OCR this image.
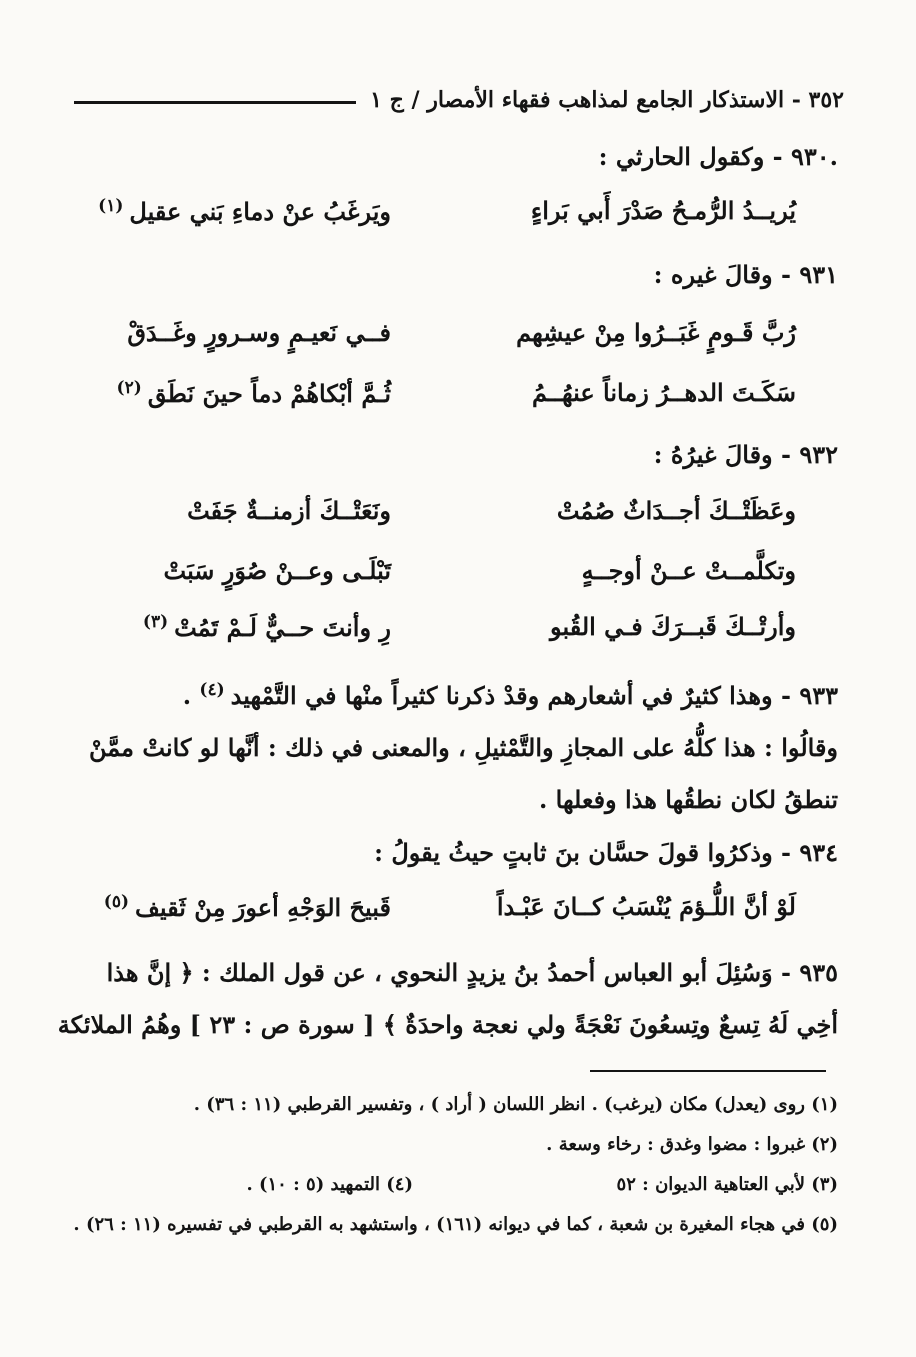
٣٥٢ - الاستذكار الجامع لمذاهب فقهاء الأمصار / ج ١
.٩٣٠ - وكقول الحارثي :
يُريــدُ الرُّمـحُ صَدْرَ أَبي بَراءٍ
ويَرغَبُ عنْ دماءِ بَني عقيل$^{(١)}$
٩٣١ - وقالَ غيره :
رُبَّ قَـومٍ غَبَــرُوا مِنْ عيشِهم
فــي نَعيـمٍ وسـرورٍ وغَــدَقْ
سَكَـتَ الدهــرُ زماناً عنهُــمُ
ثُـمَّ أبْكاهُمْ دماً حينَ نَطَق$^{(٢)}$
٩٣٢ - وقالَ غيرُهُ :
وعَظَتْــكَ أجــدَاثٌ صُمُتْ
ونَعَتْــكَ أزمنــةٌ جَفَتْ
وتكلَّمــتْ عــنْ أوجــهٍ
تَبْلَـى وعــنْ صُوَرٍ سَبَتْ
وأرتْــكَ قَبــرَكَ فـي القُبو
رِ وأنتَ حــيٌّ لَـمْ تَمُتْ$^{(٣)}$
٩٣٣ - وهذا كثيرٌ في أشعارهم وقدْ ذكرنا كثيراً منْها في التَّمْهيد$^{(٤)}$ .
وقالُوا : هذا كلُّهُ على المجازِ والتَّمْثيلِ ، والمعنى في ذلك : أنَّها لو كانتْ ممَّنْ
تنطقُ لكان نطقُها هذا وفعلها .
٩٣٤ - وذكرُوا قولَ حسَّان بنَ ثابتٍ حيثُ يقولُ :
لَوْ أنَّ اللُّـؤمَ يُنْسَبُ كــانَ عَبْـداً
قَبيحَ الوَجْهِ أعورَ مِنْ ثَقيف$^{(٥)}$
٩٣٥ - وَسُئِلَ أبو العباس أحمدُ بنُ يزيدٍ النحوي ، عن قول الملك : ﴿ إنَّ هذا
أخِي لَهُ تِسعٌ وتِسعُونَ نَعْجَةً ولي نعجة واحدَةٌ ﴾ [ سورة ص : ٢٣ ] وهُمُ الملائكة
(١) روى (يعدل) مكان (يرغب) . انظر اللسان ( أراد ) ، وتفسير القرطبي (١١ : ٣٦) .
(٢) غبروا : مضوا وغدق : رخاء وسعة .
(٣) لأبي العتاهية الديوان : ٥٢
(٤) التمهيد (٥ : ١٠) .
(٥) في هجاء المغيرة بن شعبة ، كما في ديوانه (١٦١) ، واستشهد به القرطبي في تفسيره (١١ : ٢٦) .
